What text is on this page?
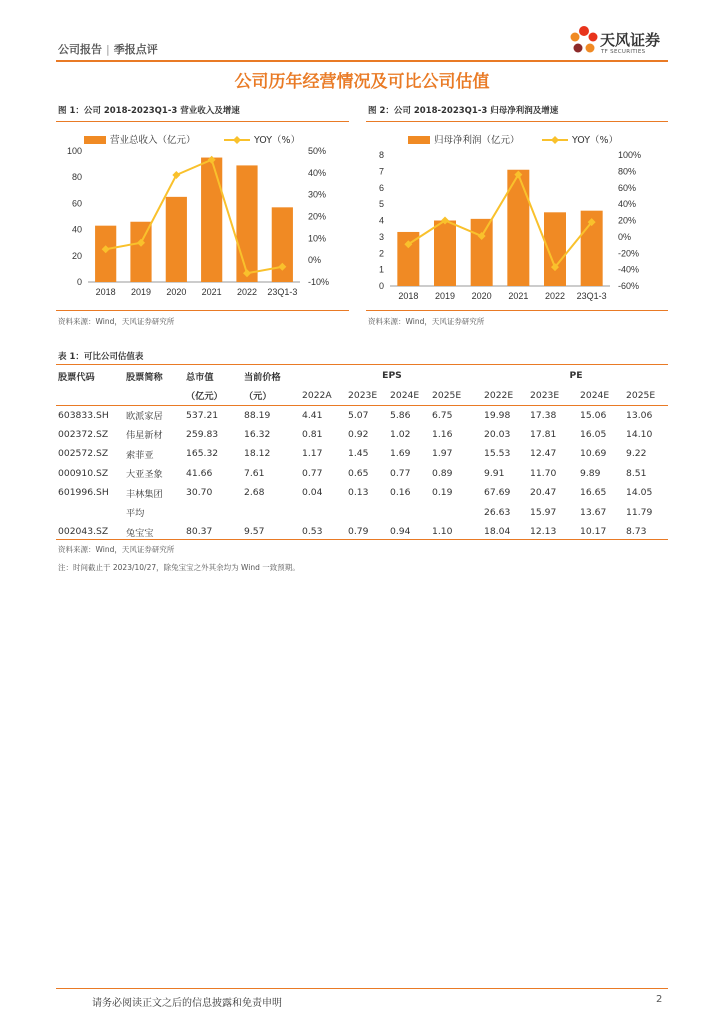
公司报告 | 季报点评
天风证券
TF SECURITIES
公司历年经营情况及可比公司估值
图 1：公司 2018-2023Q1-3 营业收入及增速
0
20
40
60
80
100
-10%
0%
10%
20%
30%
40%
50%
2018 2019 2020 2021 2022 23Q1-3
营业总收入（亿元）	YOY（%）
资料来源：Wind，天风证券研究所
图 2：公司 2018-2023Q1-3 归母净利润及增速
0
1
2
3
4
5
6
7
8
-60%
-40%
-20%
0%
20%
40%
60%
80%
100%
2018 2019 2020 2021 2022 23Q1-3
归母净利润（亿元）	YOY（%）
资料来源：Wind，天风证券研究所
表 1：可比公司估值表
股票代码	股票简称	总市值	当前价格	EPS				PE			
		（亿元）	（元）	2022A	2023E	2024E	2025E	2022E	2023E	2024E	2025E
603833.SH	欧派家居	537.21	88.19	4.41	5.07	5.86	6.75	19.98	17.38	15.06	13.06
002372.SZ	伟星新材	259.83	16.32	0.81	0.92	1.02	1.16	20.03	17.81	16.05	14.10
002572.SZ	索菲亚	165.32	18.12	1.17	1.45	1.69	1.97	15.53	12.47	10.69	9.22
000910.SZ	大亚圣象	41.66	7.61	0.77	0.65	0.77	0.89	9.91	11.70	9.89	8.51
601996.SH	丰林集团	30.70	2.68	0.04	0.13	0.16	0.19	67.69	20.47	16.65	14.05
	平均							26.63	15.97	13.67	11.79
002043.SZ	兔宝宝	80.37	9.57	0.53	0.79	0.94	1.10	18.04	12.13	10.17	8.73
资料来源：Wind，天风证券研究所
注：时间截止于 2023/10/27，除兔宝宝之外其余均为 Wind 一致预期。
请务必阅读正文之后的信息披露和免责申明	2
